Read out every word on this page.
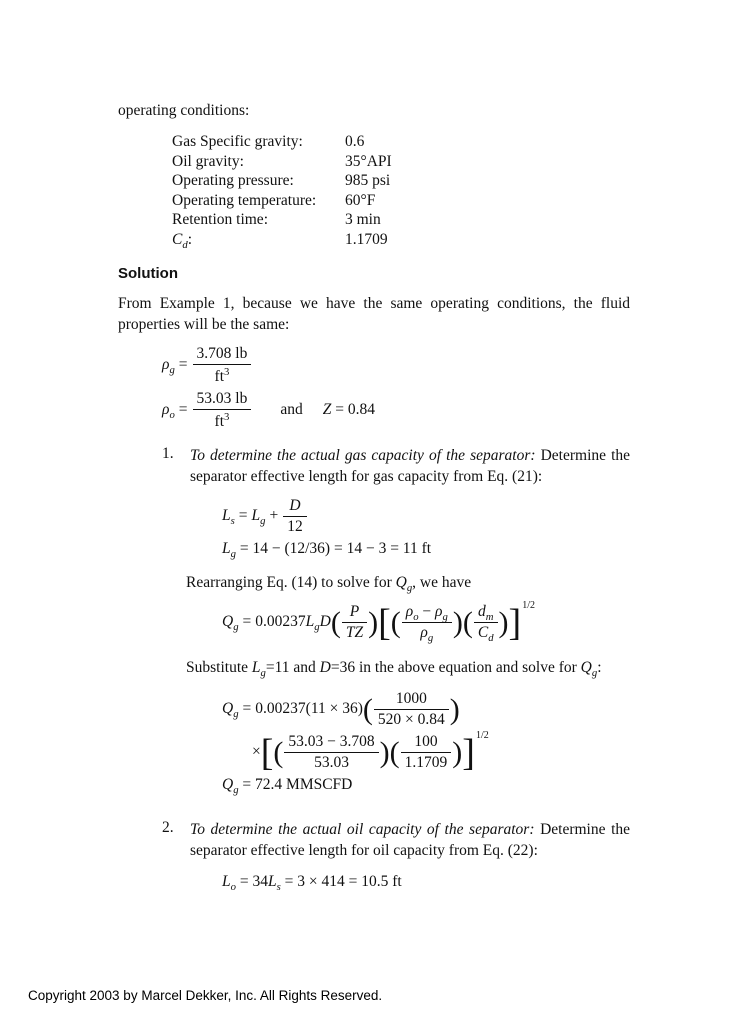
operating conditions:

Gas Specific gravity:	0.6
Oil gravity:	35°API
Operating pressure:	985 psi
Operating temperature:	60°F
Retention time:	3 min
$C_d$:	1.1709
Solution

From Example 1, because we have the same operating conditions, the fluid properties will be the same:

$\rho_g = \frac{3.708 lb}{ft^3}$
$\rho_o = \frac{53.03 lb}{ft^3}$ and Z = 0.84
1.	To determine the actual gas capacity of the separator: Determine the separator effective length for gas capacity from Eq. (21):
$L_s = L_g + \frac{D}{12}$
$L_g = 14 - (12/36) = 14 - 3 = 11$ ft

Rearranging Eq. (14) to solve for $Q_g$, we have

$Q_g = 0.00237L_gD( \frac{P}{TZ}$ )[( $\frac{\rho_o - \rho_g}{\rho_g}$ )( $\frac{d_m}{C_d} )]^{1/2}$

Substitute $L_g=11$ and D=36 in the above equation and solve for $Q_g$:

$Q_g = 0.00237(11 \times 36)( \frac{1000}{520 \times 0.84}$ )
×[( $\frac{53.03 - 3.708}{53.03}$ )( $\frac{100}{1.1709} )]^{1/2}$
$Q_g = 72.4$ MMSCFD
2.	To determine the actual oil capacity of the separator: Determine the separator effective length for oil capacity from Eq. (22):
$L_o = 34L_s = 3 \times 414 = 10.5$ ft
Copyright 2003 by Marcel Dekker, Inc. All Rights Reserved.
